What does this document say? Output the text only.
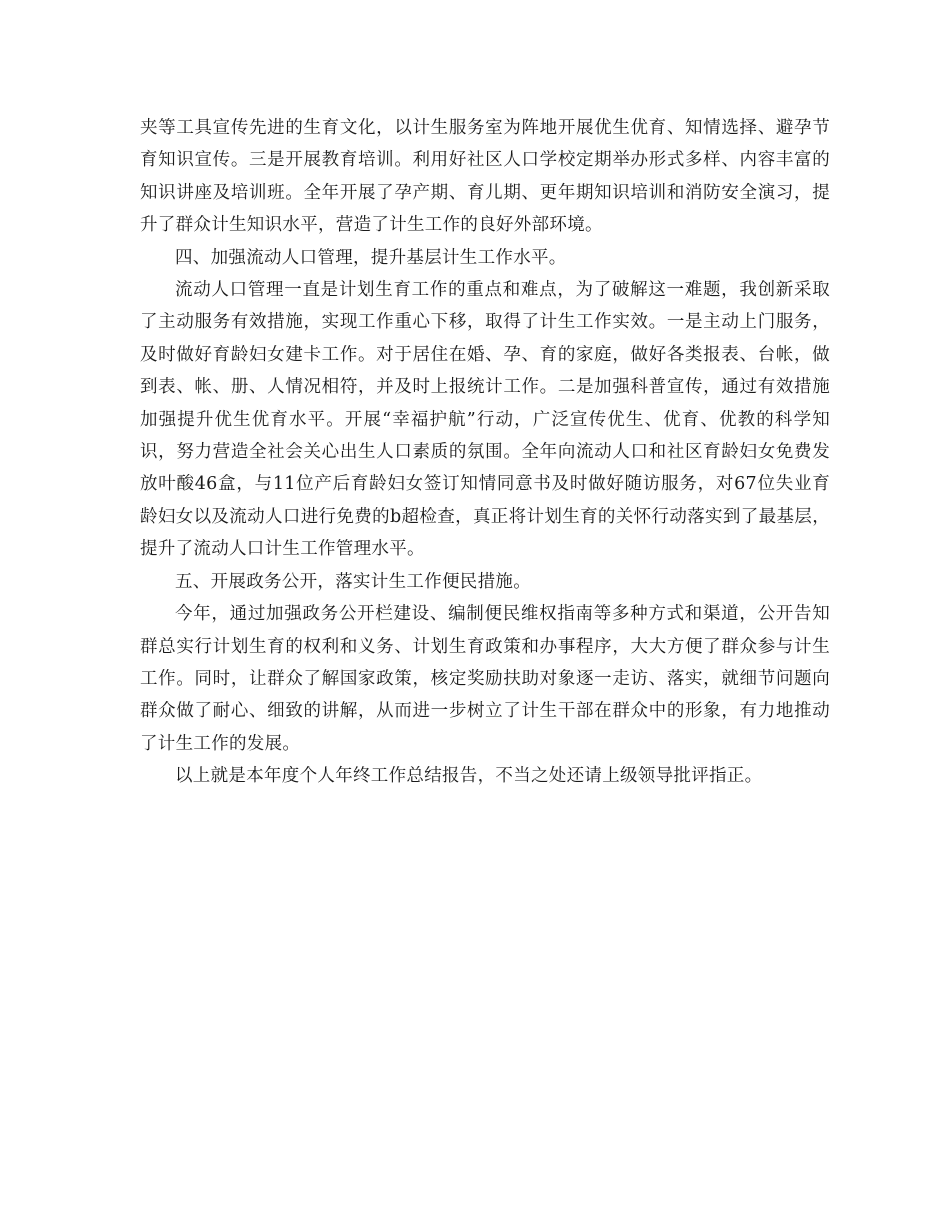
夹等工具宣传先进的生育文化，以计生服务室为阵地开展优生优育、知情选择、避孕节育知识宣传。三是开展教育培训。利用好社区人口学校定期举办形式多样、内容丰富的知识讲座及培训班。全年开展了孕产期、育儿期、更年期知识培训和消防安全演习，提升了群众计生知识水平，营造了计生工作的良好外部环境。

四、加强流动人口管理，提升基层计生工作水平。

流动人口管理一直是计划生育工作的重点和难点，为了破解这一难题，我创新采取了主动服务有效措施，实现工作重心下移，取得了计生工作实效。一是主动上门服务，及时做好育龄妇女建卡工作。对于居住在婚、孕、育的家庭，做好各类报表、台帐，做到表、帐、册、人情况相符，并及时上报统计工作。二是加强科普宣传，通过有效措施加强提升优生优育水平。开展“幸福护航”行动，广泛宣传优生、优育、优教的科学知识，努力营造全社会关心出生人口素质的氛围。全年向流动人口和社区育龄妇女免费发放叶酸46盒，与11位产后育龄妇女签订知情同意书及时做好随访服务，对67位失业育龄妇女以及流动人口进行免费的b超检查，真正将计划生育的关怀行动落实到了最基层，提升了流动人口计生工作管理水平。

五、开展政务公开，落实计生工作便民措施。

今年，通过加强政务公开栏建设、编制便民维权指南等多种方式和渠道，公开告知群总实行计划生育的权利和义务、计划生育政策和办事程序，大大方便了群众参与计生工作。同时，让群众了解国家政策，核定奖励扶助对象逐一走访、落实，就细节问题向群众做了耐心、细致的讲解，从而进一步树立了计生干部在群众中的形象，有力地推动了计生工作的发展。

以上就是本年度个人年终工作总结报告，不当之处还请上级领导批评指正。
